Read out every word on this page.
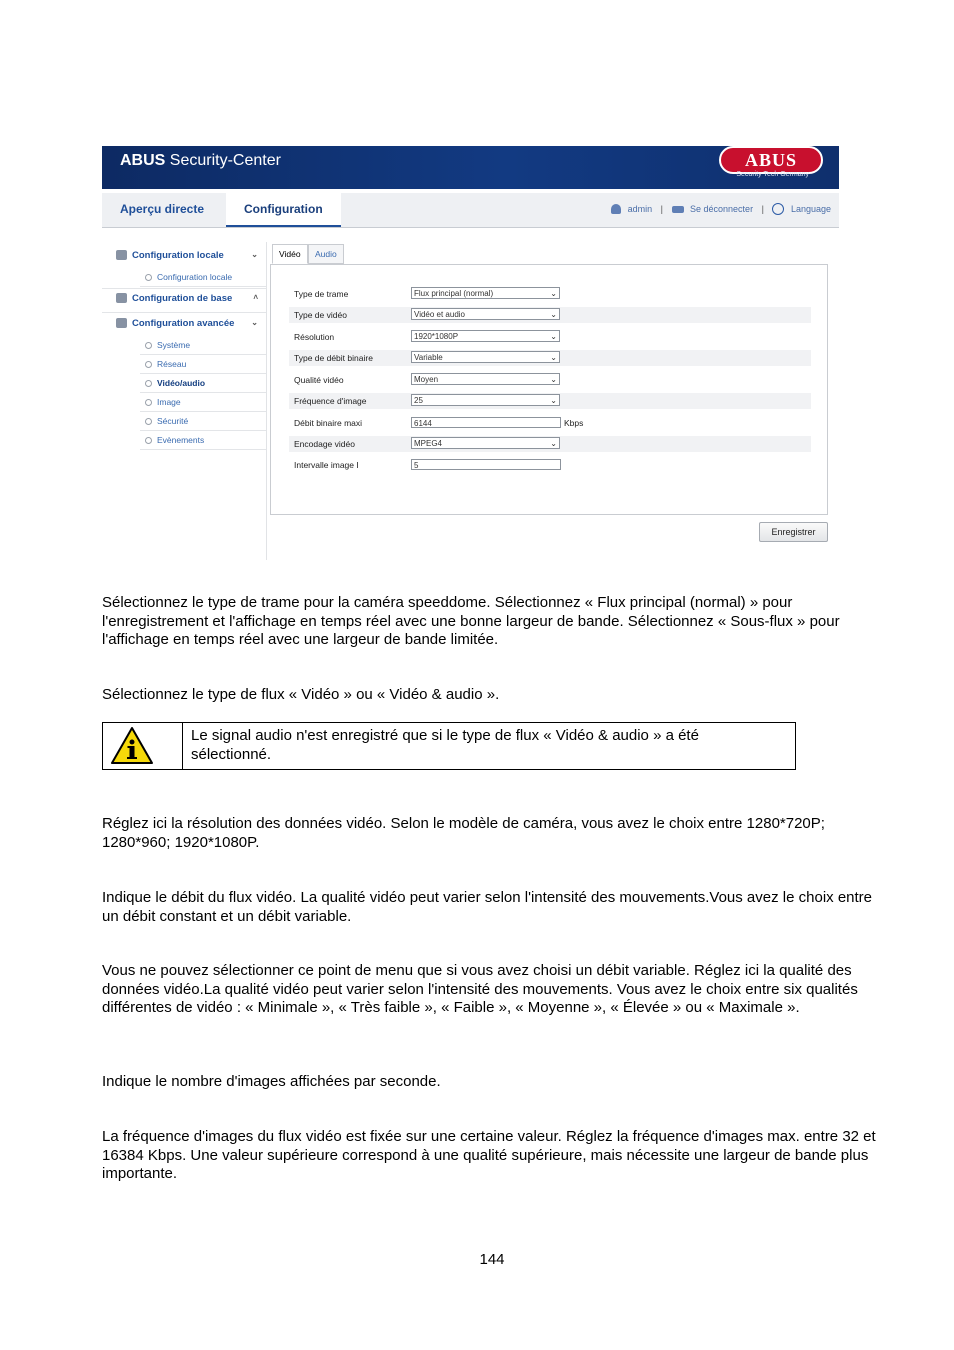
ABUS Security-Center	ABUS
Security Tech Germany
Aperçu directe	Configuration	admin |	Se déconnecter |	Language
Configuration locale	⌄
Configuration locale
Configuration de base	˄
Configuration avancée ⌄
Système
Réseau
Vidéo/audio
Image
Sécurité
Evènements
Vidéo	Audio
Type de trame	Flux principal (normal)	⌄
Type de vidéo	Vidéo et audio	⌄
Résolution	1920*1080P	⌄
Type de débit binaire	Variable	⌄
Qualité vidéo	Moyen	⌄
Fréquence d'image	25	⌄
Débit binaire maxi	6144	Kbps
Encodage vidéo	MPEG4	⌄
Intervalle image I	5
Enregistrer
Sélectionnez le type de trame pour la caméra speeddome. Sélectionnez « Flux principal (normal) » pour l'enregistrement et l'affichage en temps réel avec une bonne largeur de bande. Sélectionnez « Sous-flux » pour l'affichage en temps réel avec une largeur de bande limitée.
Sélectionnez le type de flux « Vidéo » ou « Vidéo & audio ».
Le signal audio n'est enregistré que si le type de flux « Vidéo & audio » a été sélectionné.
Réglez ici la résolution des données vidéo. Selon le modèle de caméra, vous avez le choix entre 1280*720P; 1280*960; 1920*1080P.
Indique le débit du flux vidéo. La qualité vidéo peut varier selon l'intensité des mouvements.Vous avez le choix entre un débit constant et un débit variable.
Vous ne pouvez sélectionner ce point de menu que si vous avez choisi un débit variable. Réglez ici la qualité des données vidéo.La qualité vidéo peut varier selon l'intensité des mouvements. Vous avez le choix entre six qualités différentes de vidéo : « Minimale », « Très faible », « Faible », « Moyenne », « Élevée » ou « Maximale ».
Indique le nombre d'images affichées par seconde.
La fréquence d'images du flux vidéo est fixée sur une certaine valeur. Réglez la fréquence d'images max. entre 32 et 16384 Kbps. Une valeur supérieure correspond à une qualité supérieure, mais nécessite une largeur de bande plus importante.
144
